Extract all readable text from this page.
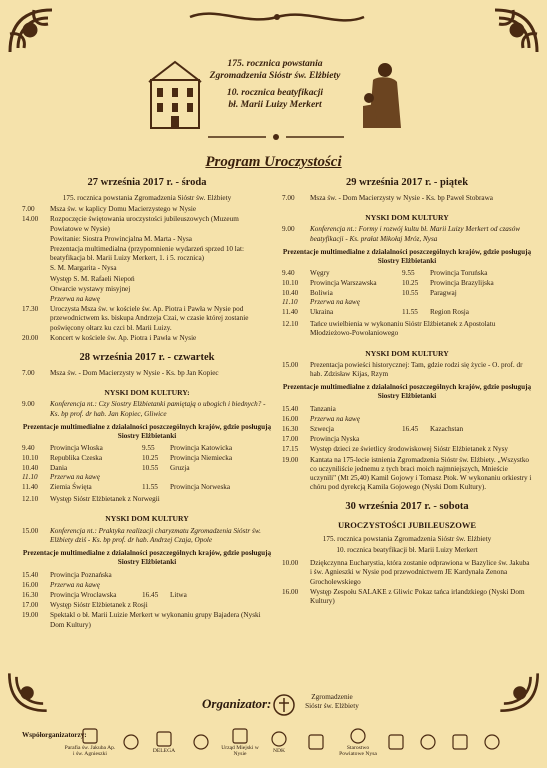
175. rocznica powstania
Zgromadzenia Sióstr św. Elżbiety
10. rocznica beatyfikacji
bł. Marii Luizy Merkert
Program Uroczystości
27 września 2017 r. - środa
175. rocznica powstania Zgromadzenia Sióstr św. Elżbiety
7.00	Msza św. w kaplicy Domu Macierzystego w Nysie
14.00	Rozpoczęcie świętowania uroczystości jubileuszowych (Muzeum Powiatowe w Nysie)
Powitanie: Siostra Prowincjalna M. Marta - Nysa
Prezentacja multimedialna (przypomnienie wydarzeń sprzed 10 lat: beatyfikacja bł. Marii Luizy Merkert, 1. i 5. rocznica)
S. M. Margarita - Nysa
Występ S. M. Rafaeli Niepoń
Otwarcie wystawy misyjnej
Przerwa na kawę
17.30	Uroczysta Msza św. w kościele św. Ap. Piotra i Pawła w Nysie pod przewodnictwem ks. biskupa Andrzeja Czai, w czasie której zostanie poświęcony ołtarz ku czci bł. Marii Luizy.
20.00	Koncert w kościele św. Ap. Piotra i Pawła w Nysie
28 września 2017 r. - czwartek
7.00	Msza św. - Dom Macierzysty w Nysie - Ks. bp Jan Kopiec
NYSKI DOM KULTURY:
9.00	Konferencja nt.: Czy Siostry Elżbietanki pamiętają o ubogich i biednych? - Ks. bp prof. dr hab. Jan Kopiec, Gliwice
Prezentacje multimedialne z działalności poszczególnych krajów, gdzie posługują Siostry Elżbietanki
9.40	Prowincja Włoska	9.55	Prowincja Katowicka
10.10	Republika Czeska	10.25	Prowincja Niemiecka
10.40	Dania	10.55	Gruzja
11.10	Przerwa na kawę
11.40	Ziemia Święta	11.55	Prowincja Norweska
12.10	Występ Sióstr Elżbietanek z Norwegii
NYSKI DOM KULTURY
15.00	Konferencja nt.: Praktyka realizacji charyzmatu Zgromadzenia Sióstr św. Elżbiety dziś - Ks. bp prof. dr hab. Andrzej Czaja, Opole
Prezentacje multimedialne z działalności poszczególnych krajów, gdzie posługują Siostry Elżbietanki
15.40	Prowincja Poznańska
16.00	Przerwa na kawę
16.30	Prowincja Wrocławska	16.45	Litwa
17.00	Występ Sióstr Elżbietanek z Rosji
19.00	Spektakl o bł. Marii Luizie Merkert w wykonaniu grupy Bajadera (Nyski Dom Kultury)
29 września 2017 r. - piątek
7.00	Msza św. - Dom Macierzysty w Nysie - Ks. bp Paweł Stobrawa
NYSKI DOM KULTURY
9.00	Konferencja nt.: Formy i rozwój kultu bł. Marii Luizy Merkert od czasów beatyfikacji - Ks. prałat Mikołaj Mróz, Nysa
Prezentacje multimedialne z działalności poszczególnych krajów, gdzie posługują Siostry Elżbietanki
9.40	Węgry	9.55	Prowincja Toruńska
10.10	Prowincja Warszawska	10.25	Prowincja Brazylijska
10.40	Boliwia	10.55	Paragwaj
11.10	Przerwa na kawę
11.40	Ukraina	11.55	Region Rosja
12.10	Tańce uwielbienia w wykonaniu Sióstr Elżbietanek z Apostolatu Młodzieżowo-Powołaniowego
NYSKI DOM KULTURY
15.00	Prezentacja powieści historycznej: Tam, gdzie rodzi się życie - O. prof. dr hab. Zdzisław Kijas, Rzym
Prezentacje multimedialne z działalności poszczególnych krajów, gdzie posługują Siostry Elżbietanki
15.40	Tanzania
16.00	Przerwa na kawę
16.30	Szwecja	16.45	Kazachstan
17.00	Prowincja Nyska
17.15	Występ dzieci ze świetlicy środowiskowej Sióstr Elżbietanek z Nysy
19.00	Kantata na 175-lecie istnienia Zgromadzenia Sióstr św. Elżbiety. „Wszystko co uczyniliście jednemu z tych braci moich najmniejszych, Mnieście uczynili" (Mt 25,40) Kamil Gojowy i Tomasz Ptok. W wykonaniu orkiestry i chóru pod dyrekcją Kamila Gojowego (Nyski Dom Kultury).
30 września 2017 r. - sobota
UROCZYSTOŚCI JUBILEUSZOWE
175. rocznica powstania Zgromadzenia Sióstr św. Elżbiety
10. rocznica beatyfikacji bł. Marii Luizy Merkert
10.00	Dziękczynna Eucharystia, która zostanie odprawiona w Bazylice św. Jakuba i św. Agnieszki w Nysie pod przewodnictwem JE Kardynała Zenona Grocholewskiego
16.00	Występ Zespołu SALAKE z Gliwic Pokaz tańca irlandzkiego (Nyski Dom Kultury)
Organizator:	Zgromadzenie Sióstr św. Elżbiety
Współorganizatorzy:
Parafia św. Jakuba Ap. i św. Agnieszki
DELEGA
Urząd Miejski w Nysie
NDK
Starostwo Powiatowe Nysa
